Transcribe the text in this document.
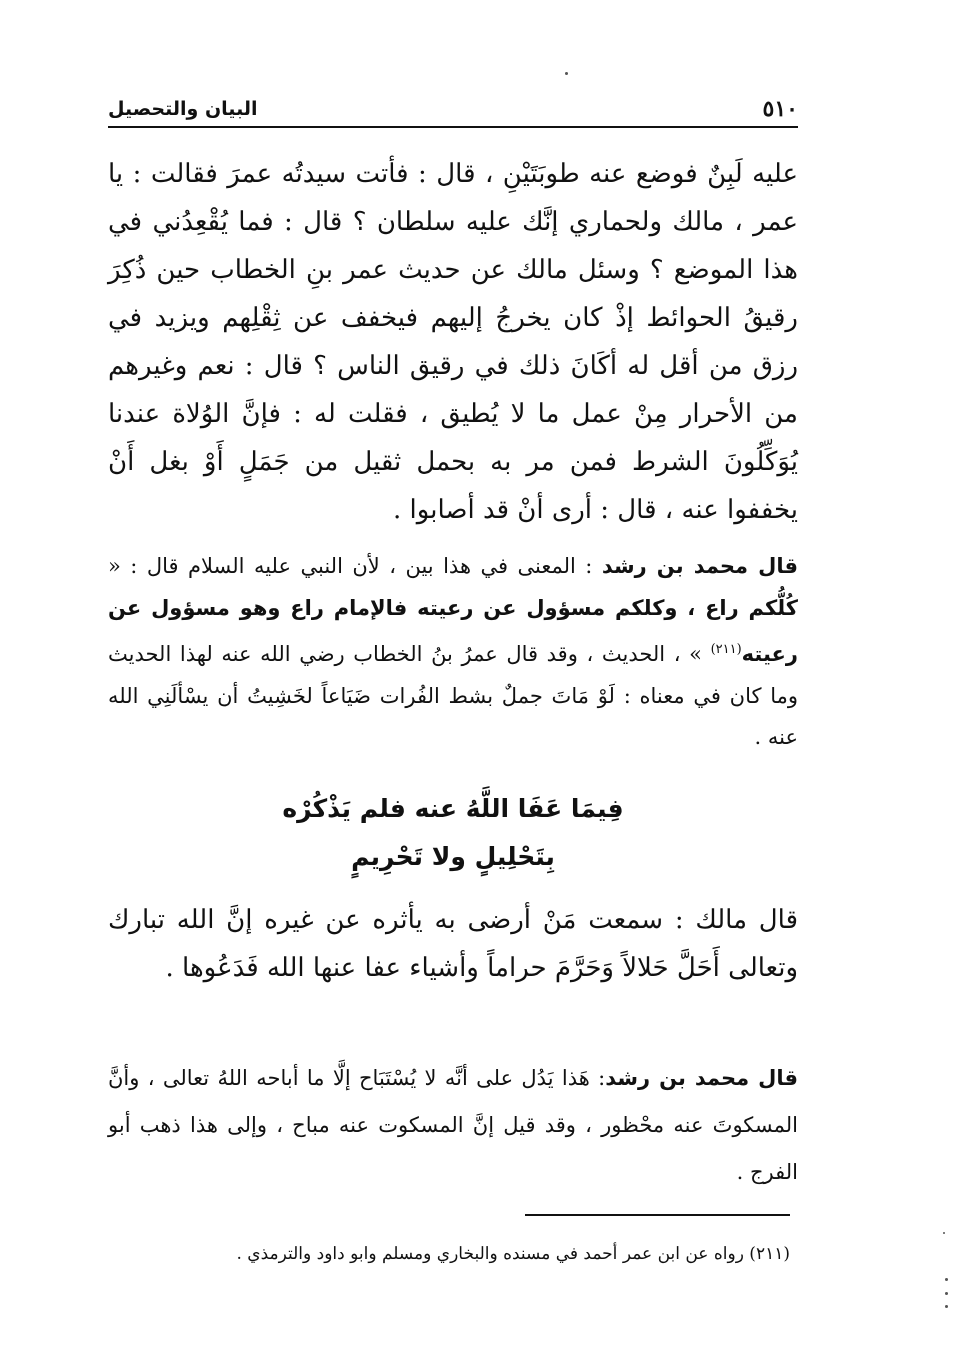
٥١٠
البيان والتحصيل

عليه لَبِنٌ فوضع عنه طوبَتَيْنِ ، قال : فأتت سيدتُه عمرَ فقالت : يا عمر ، مالك ولحماري إنَّك عليه سلطان ؟ قال : فما يُقْعِدُني في هذا الموضع ؟ وسئل مالك عن حديث عمر بنِ الخطاب حين ذُكِرَ رقيقُ الحوائط إذْ كان يخرجُ إليهم فيخفف عن ثِقْلِهم ويزيد في رزق من أقل له أكَانَ ذلك في رقيق الناس ؟ قال : نعم وغيرهم من الأحرار مِنْ عمل ما لا يُطيق ، فقلت له : فإنَّ الوُلاة عندنا يُوَكِّلُونَ الشرط فمن مر به بحمل ثقيل من جَمَلٍ أَوْ بغل أَنْ يخففوا عنه ، قال : أرى أنْ قد أصابوا .

قال محمد بن رشد : المعنى في هذا بين ، لأن النبي عليه السلام قال : « كُلُّكم راع ، وكلكم مسؤول عن رعيته فالإمام راع وهو مسؤول عن رعيته$^{(٢١١)}$ » ، الحديث ، وقد قال عمرُ بنُ الخطاب رضي الله عنه لهذا الحديث وما كان في معناه : لَوْ مَاتَ جملٌ بشط الفُرات ضَيَاعاً لخَشِيتُ أن يسْألَنِي الله عنه .

فِيمَا عَفَا اللَّهُ عنه فلم يَذْكُرْه
بِتَحْلِيلٍ ولا تَحْرِيمٍ

قال مالك : سمعت مَنْ أرضى به يأثره عن غيره إنَّ الله تبارك وتعالى أَحَلَّ حَلالاً وَحَرَّمَ حراماً وأشياء عفا عنها الله فَدَعُوها .

قال محمد بن رشد: هَذا يَدُل على أنَّه لا يُسْتَبَاح إلَّا ما أباحه اللهُ تعالى ، وأنَّ المسكوتَ عنه محْظور ، وقد قيل إنَّ المسكوت عنه مباح ، وإلى هذا ذهب أبو الفرج .

(٢١١) رواه عن ابن عمر أحمد في مسنده والبخاري ومسلم وابو داود والترمذي .
